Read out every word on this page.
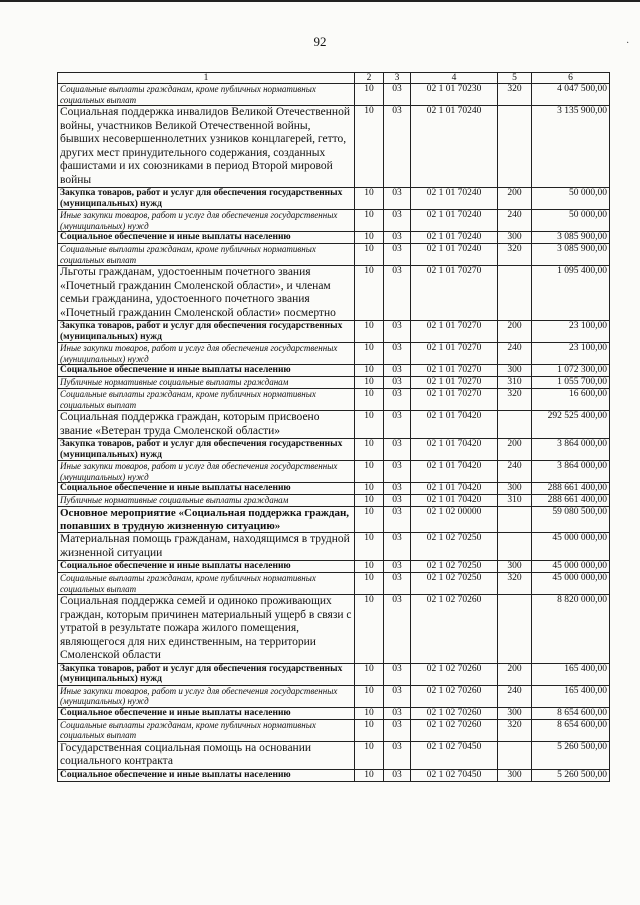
92	·
1	2	3	4	5	6
Социальные выплаты гражданам, кроме публичных нормативных социальных выплат	10	03	02 1 01 70230	320	4 047 500,00
Социальная поддержка инвалидов Великой Отечественной войны, участников Великой Отечественной войны, бывших несовершеннолетних узников концлагерей, гетто, других мест принудительного содержания, созданных фашистами и их союзниками в период Второй мировой войны	10	03	02 1 01 70240		3 135 900,00
Закупка товаров, работ и услуг для обеспечения государственных (муниципальных) нужд	10	03	02 1 01 70240	200	50 000,00
Иные закупки товаров, работ и услуг для обеспечения государственных (муниципальных) нужд	10	03	02 1 01 70240	240	50 000,00
Социальное обеспечение и иные выплаты населению	10	03	02 1 01 70240	300	3 085 900,00
Социальные выплаты гражданам, кроме публичных нормативных социальных выплат	10	03	02 1 01 70240	320	3 085 900,00
Льготы гражданам, удостоенным почетного звания «Почетный гражданин Смоленской области», и членам семьи гражданина, удостоенного почетного звания «Почетный гражданин Смоленской области» посмертно	10	03	02 1 01 70270		1 095 400,00
Закупка товаров, работ и услуг для обеспечения государственных (муниципальных) нужд	10	03	02 1 01 70270	200	23 100,00
Иные закупки товаров, работ и услуг для обеспечения государственных (муниципальных) нужд	10	03	02 1 01 70270	240	23 100,00
Социальное обеспечение и иные выплаты населению	10	03	02 1 01 70270	300	1 072 300,00
Публичные нормативные социальные выплаты гражданам	10	03	02 1 01 70270	310	1 055 700,00
Социальные выплаты гражданам, кроме публичных нормативных социальных выплат	10	03	02 1 01 70270	320	16 600,00
Социальная поддержка граждан, которым присвоено звание «Ветеран труда Смоленской области»	10	03	02 1 01 70420		292 525 400,00
Закупка товаров, работ и услуг для обеспечения государственных (муниципальных) нужд	10	03	02 1 01 70420	200	3 864 000,00
Иные закупки товаров, работ и услуг для обеспечения государственных (муниципальных) нужд	10	03	02 1 01 70420	240	3 864 000,00
Социальное обеспечение и иные выплаты населению	10	03	02 1 01 70420	300	288 661 400,00
Публичные нормативные социальные выплаты гражданам	10	03	02 1 01 70420	310	288 661 400,00
Основное мероприятие «Социальная поддержка граждан, попавших в трудную жизненную ситуацию»	10	03	02 1 02 00000		59 080 500,00
Материальная помощь гражданам, находящимся в трудной жизненной ситуации	10	03	02 1 02 70250		45 000 000,00
Социальное обеспечение и иные выплаты населению	10	03	02 1 02 70250	300	45 000 000,00
Социальные выплаты гражданам, кроме публичных нормативных социальных выплат	10	03	02 1 02 70250	320	45 000 000,00
Социальная поддержка семей и одиноко проживающих граждан, которым причинен материальный ущерб в связи с утратой в результате пожара жилого помещения, являющегося для них единственным, на территории Смоленской области	10	03	02 1 02 70260		8 820 000,00
Закупка товаров, работ и услуг для обеспечения государственных (муниципальных) нужд	10	03	02 1 02 70260	200	165 400,00
Иные закупки товаров, работ и услуг для обеспечения государственных (муниципальных) нужд	10	03	02 1 02 70260	240	165 400,00
Социальное обеспечение и иные выплаты населению	10	03	02 1 02 70260	300	8 654 600,00
Социальные выплаты гражданам, кроме публичных нормативных социальных выплат	10	03	02 1 02 70260	320	8 654 600,00
Государственная социальная помощь на основании социального контракта	10	03	02 1 02 70450		5 260 500,00
Социальное обеспечение и иные выплаты населению	10	03	02 1 02 70450	300	5 260 500,00
